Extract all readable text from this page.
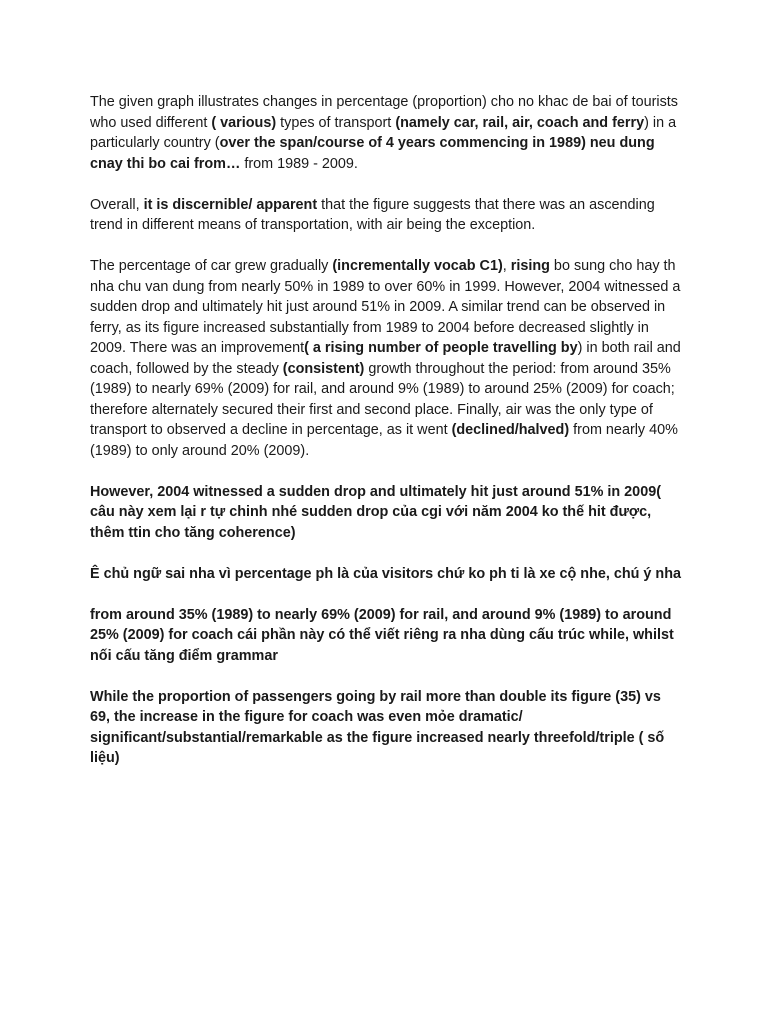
The given graph illustrates changes in percentage (proportion) cho no khac de bai of tourists who used different ( various) types of transport (namely car, rail, air, coach and ferry) in a particularly country (over the span/course of 4 years commencing in 1989) neu dung cnay thi bo cai from… from 1989 - 2009.

Overall, it is discernible/ apparent that the figure suggests that there was an ascending trend in different means of transportation, with air being the exception.

The percentage of car grew gradually (incrementally vocab C1), rising bo sung cho hay th nha chu van dung from nearly 50% in 1989 to over 60% in 1999. However, 2004 witnessed a sudden drop and ultimately hit just around 51% in 2009. A similar trend can be observed in ferry, as its figure increased substantially from 1989 to 2004 before decreased slightly in 2009. There was an improvement( a rising number of people travelling by) in both rail and coach, followed by the steady (consistent) growth throughout the period: from around 35% (1989) to nearly 69% (2009) for rail, and around 9% (1989) to around 25% (2009) for coach; therefore alternately secured their first and second place. Finally, air was the only type of transport to observed a decline in percentage, as it went (declined/halved) from nearly 40% (1989) to only around 20% (2009).

However, 2004 witnessed a sudden drop and ultimately hit just around 51% in 2009( câu này xem lại r tự chinh nhé sudden drop của cgi với năm 2004 ko thế hit được, thêm ttin cho tăng coherence)

Ê chủ ngữ sai nha vì percentage ph là của visitors chứ ko ph ti là xe cộ nhe, chú ý nha

from around 35% (1989) to nearly 69% (2009) for rail, and around 9% (1989) to around 25% (2009) for coach cái phần này có thể viết riêng ra nha dùng cấu trúc while, whilst nối cấu tăng điểm grammar

While the proportion of passengers going by rail more than double its figure (35) vs 69, the increase in the figure for coach was even mỏe dramatic/ significant/substantial/remarkable as the figure increased nearly threefold/triple ( số liệu)
